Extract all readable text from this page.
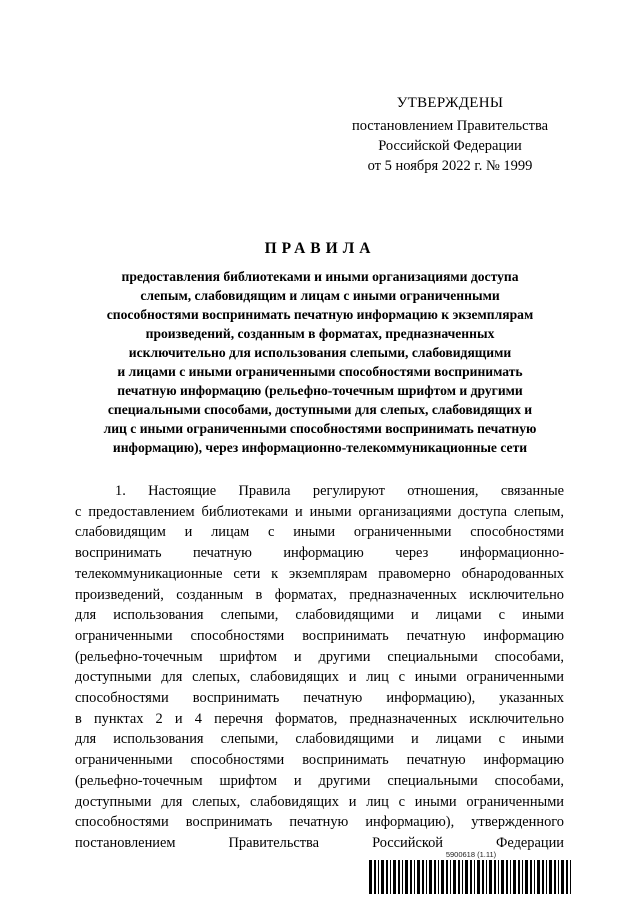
УТВЕРЖДЕНЫ
постановлением Правительства
Российской Федерации
от 5 ноября 2022 г. № 1999
ПРАВИЛА
предоставления библиотеками и иными организациями доступа
слепым, слабовидящим и лицам с иными ограниченными
способностями воспринимать печатную информацию к экземплярам
произведений, созданным в форматах, предназначенных
исключительно для использования слепыми, слабовидящими
и лицами с иными ограниченными способностями воспринимать
печатную информацию (рельефно-точечным шрифтом и другими
специальными способами, доступными для слепых, слабовидящих и
лиц с иными ограниченными способностями воспринимать печатную
информацию), через информационно-телекоммуникационные сети
1. Настоящие Правила регулируют отношения, связанные
с предоставлением библиотеками и иными организациями доступа слепым,
слабовидящим и лицам с иными ограниченными способностями
воспринимать печатную информацию через информационно-
телекоммуникационные сети к экземплярам правомерно обнародованных
произведений, созданным в форматах, предназначенных исключительно
для использования слепыми, слабовидящими и лицами с иными
ограниченными способностями воспринимать печатную информацию
(рельефно-точечным шрифтом и другими специальными способами,
доступными для слепых, слабовидящих и лиц с иными ограниченными
способностями воспринимать печатную информацию), указанных
в пунктах 2 и 4 перечня форматов, предназначенных исключительно
для использования слепыми, слабовидящими и лицами с иными
ограниченными способностями воспринимать печатную информацию
(рельефно-точечным шрифтом и другими специальными способами,
доступными для слепых, слабовидящих и лиц с иными ограниченными
способностями воспринимать печатную информацию), утвержденного
постановлением Правительства Российской Федерации
5900618 (1.11)
